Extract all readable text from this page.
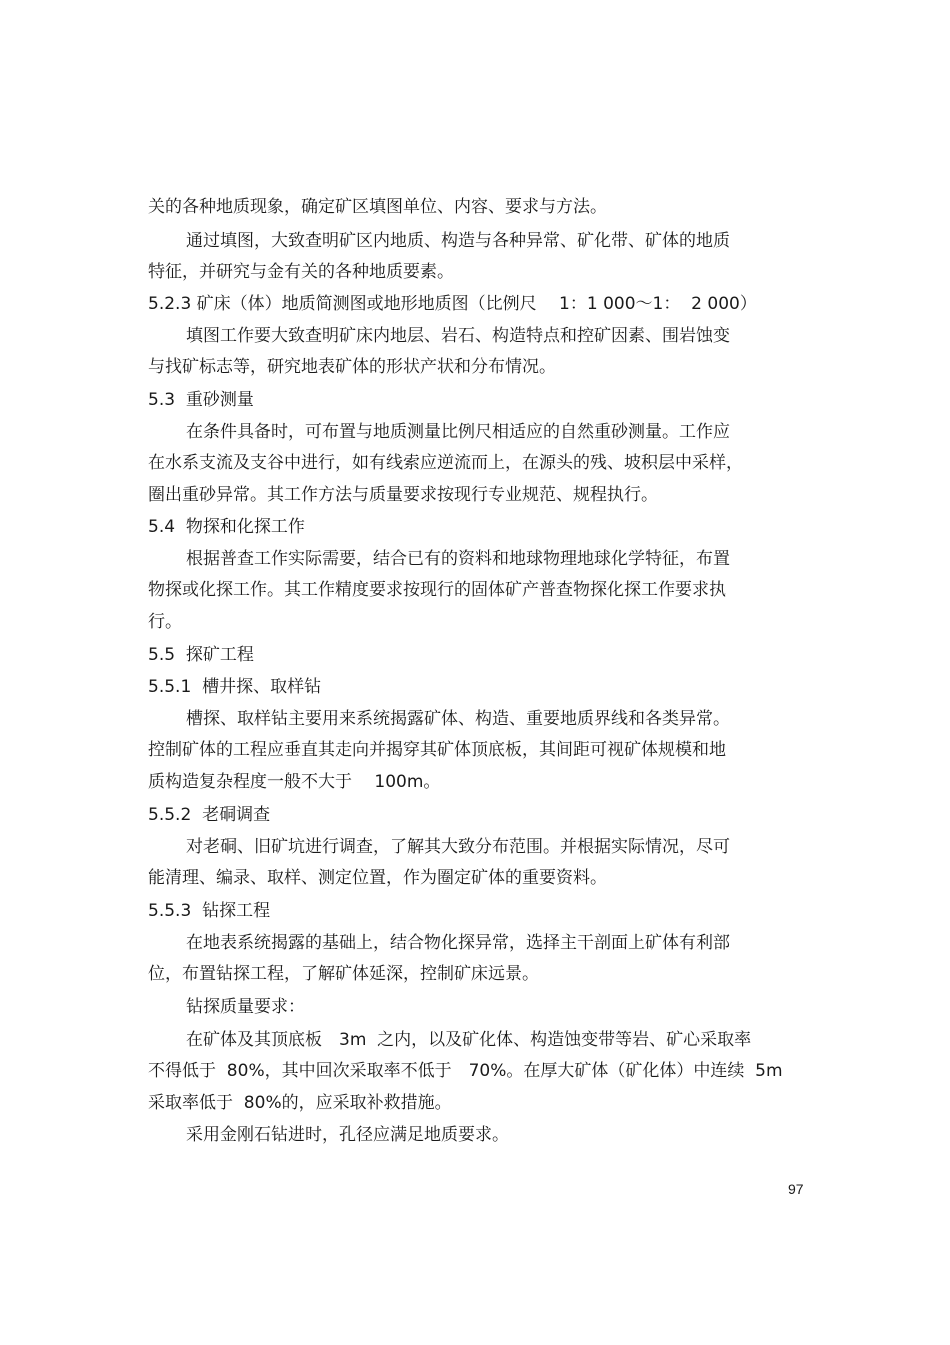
关的各种地质现象，确定矿区填图单位、内容、要求与方法。
通过填图，大致查明矿区内地质、构造与各种异常、矿化带、矿体的地质
特征，并研究与金有关的各种地质要素。
5.2.3 矿床（体）地质简测图或地形地质图（比例尺　 1：1 000～1：  2 000）
填图工作要大致查明矿床内地层、岩石、构造特点和控矿因素、围岩蚀变
与找矿标志等，研究地表矿体的形状产状和分布情况。
5.3  重砂测量
在条件具备时，可布置与地质测量比例尺相适应的自然重砂测量。工作应
在水系支流及支谷中进行，如有线索应逆流而上，在源头的残、坡积层中采样，
圈出重砂异常。其工作方法与质量要求按现行专业规范、规程执行。
5.4  物探和化探工作
根据普查工作实际需要，结合已有的资料和地球物理地球化学特征，布置
物探或化探工作。其工作精度要求按现行的固体矿产普查物探化探工作要求执
行。
5.5  探矿工程
5.5.1  槽井探、取样钻
槽探、取样钻主要用来系统揭露矿体、构造、重要地质界线和各类异常。
控制矿体的工程应垂直其走向并揭穿其矿体顶底板，其间距可视矿体规模和地
质构造复杂程度一般不大于　 100m。
5.5.2  老硐调查
对老硐、旧矿坑进行调查，了解其大致分布范围。并根据实际情况，尽可
能清理、编录、取样、测定位置，作为圈定矿体的重要资料。
5.5.3  钻探工程
在地表系统揭露的基础上，结合物化探异常，选择主干剖面上矿体有利部
位，布置钻探工程，了解矿体延深，控制矿床远景。
钻探质量要求：
在矿体及其顶底板　3m  之内，以及矿化体、构造蚀变带等岩、矿心采取率
不得低于  80%，其中回次采取率不低于　70%。在厚大矿体（矿化体）中连续  5m
采取率低于  80%的，应采取补救措施。
采用金刚石钻进时，孔径应满足地质要求。
97
